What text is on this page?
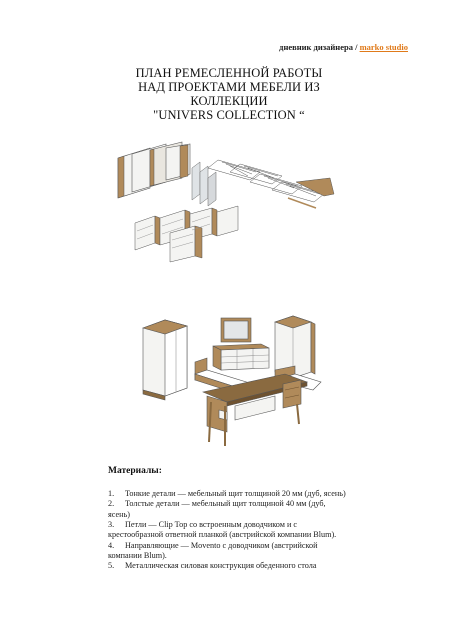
дневник дизайнера / marko studio
ПЛАН РЕМЕСЛЕННОЙ РАБОТЫ
НАД ПРОЕКТАМИ МЕБЕЛИ ИЗ
КОЛЛЕКЦИИ
"UNIVERS COLLECTION “
Материалы:
1. Тонкие детали — мебельный щит толщиной 20 мм (дуб, ясень)
2. Толстые детали — мебельный щит толщиной 40 мм (дуб, ясень)
3. Петли — Clip Top со встроенным доводчиком и с крестообразной ответной планкой (австрийской компании Blum).
4. Направляющие — Movento с доводчиком (австрийской компании Blum).
5. Металлическая силовая конструкция обеденного стола
